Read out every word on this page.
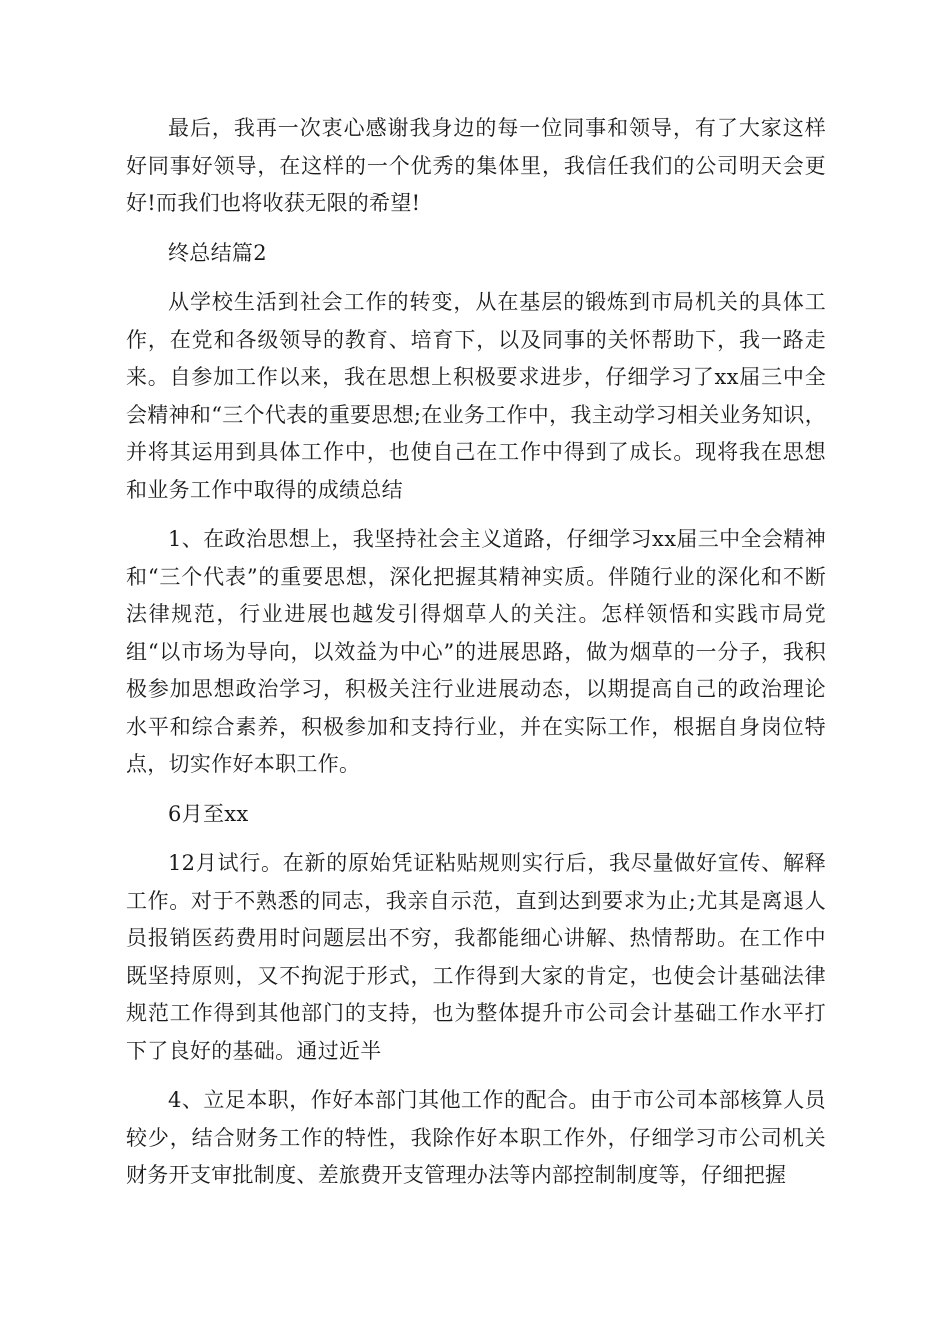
最后，我再一次衷心感谢我身边的每一位同事和领导，有了大家这样好同事好领导，在这样的一个优秀的集体里，我信任我们的公司明天会更好!而我们也将收获无限的希望!

终总结篇2

从学校生活到社会工作的转变，从在基层的锻炼到市局机关的具体工作，在党和各级领导的教育、培育下，以及同事的关怀帮助下，我一路走来。自参加工作以来，我在思想上积极要求进步，仔细学习了xx届三中全会精神和“三个代表的重要思想;在业务工作中，我主动学习相关业务知识，并将其运用到具体工作中，也使自己在工作中得到了成长。现将我在思想和业务工作中取得的成绩总结

1、在政治思想上，我坚持社会主义道路，仔细学习xx届三中全会精神和“三个代表”的重要思想，深化把握其精神实质。伴随行业的深化和不断法律规范，行业进展也越发引得烟草人的关注。怎样领悟和实践市局党组“以市场为导向，以效益为中心”的进展思路，做为烟草的一分子，我积极参加思想政治学习，积极关注行业进展动态，以期提高自己的政治理论水平和综合素养，积极参加和支持行业，并在实际工作，根据自身岗位特点，切实作好本职工作。

6月至xx

12月试行。在新的原始凭证粘贴规则实行后，我尽量做好宣传、解释工作。对于不熟悉的同志，我亲自示范，直到达到要求为止;尤其是离退人员报销医药费用时问题层出不穷，我都能细心讲解、热情帮助。在工作中既坚持原则，又不拘泥于形式，工作得到大家的肯定，也使会计基础法律规范工作得到其他部门的支持，也为整体提升市公司会计基础工作水平打下了良好的基础。通过近半

4、立足本职，作好本部门其他工作的配合。由于市公司本部核算人员较少，结合财务工作的特性，我除作好本职工作外，仔细学习市公司机关财务开支审批制度、差旅费开支管理办法等内部控制制度等，仔细把握
